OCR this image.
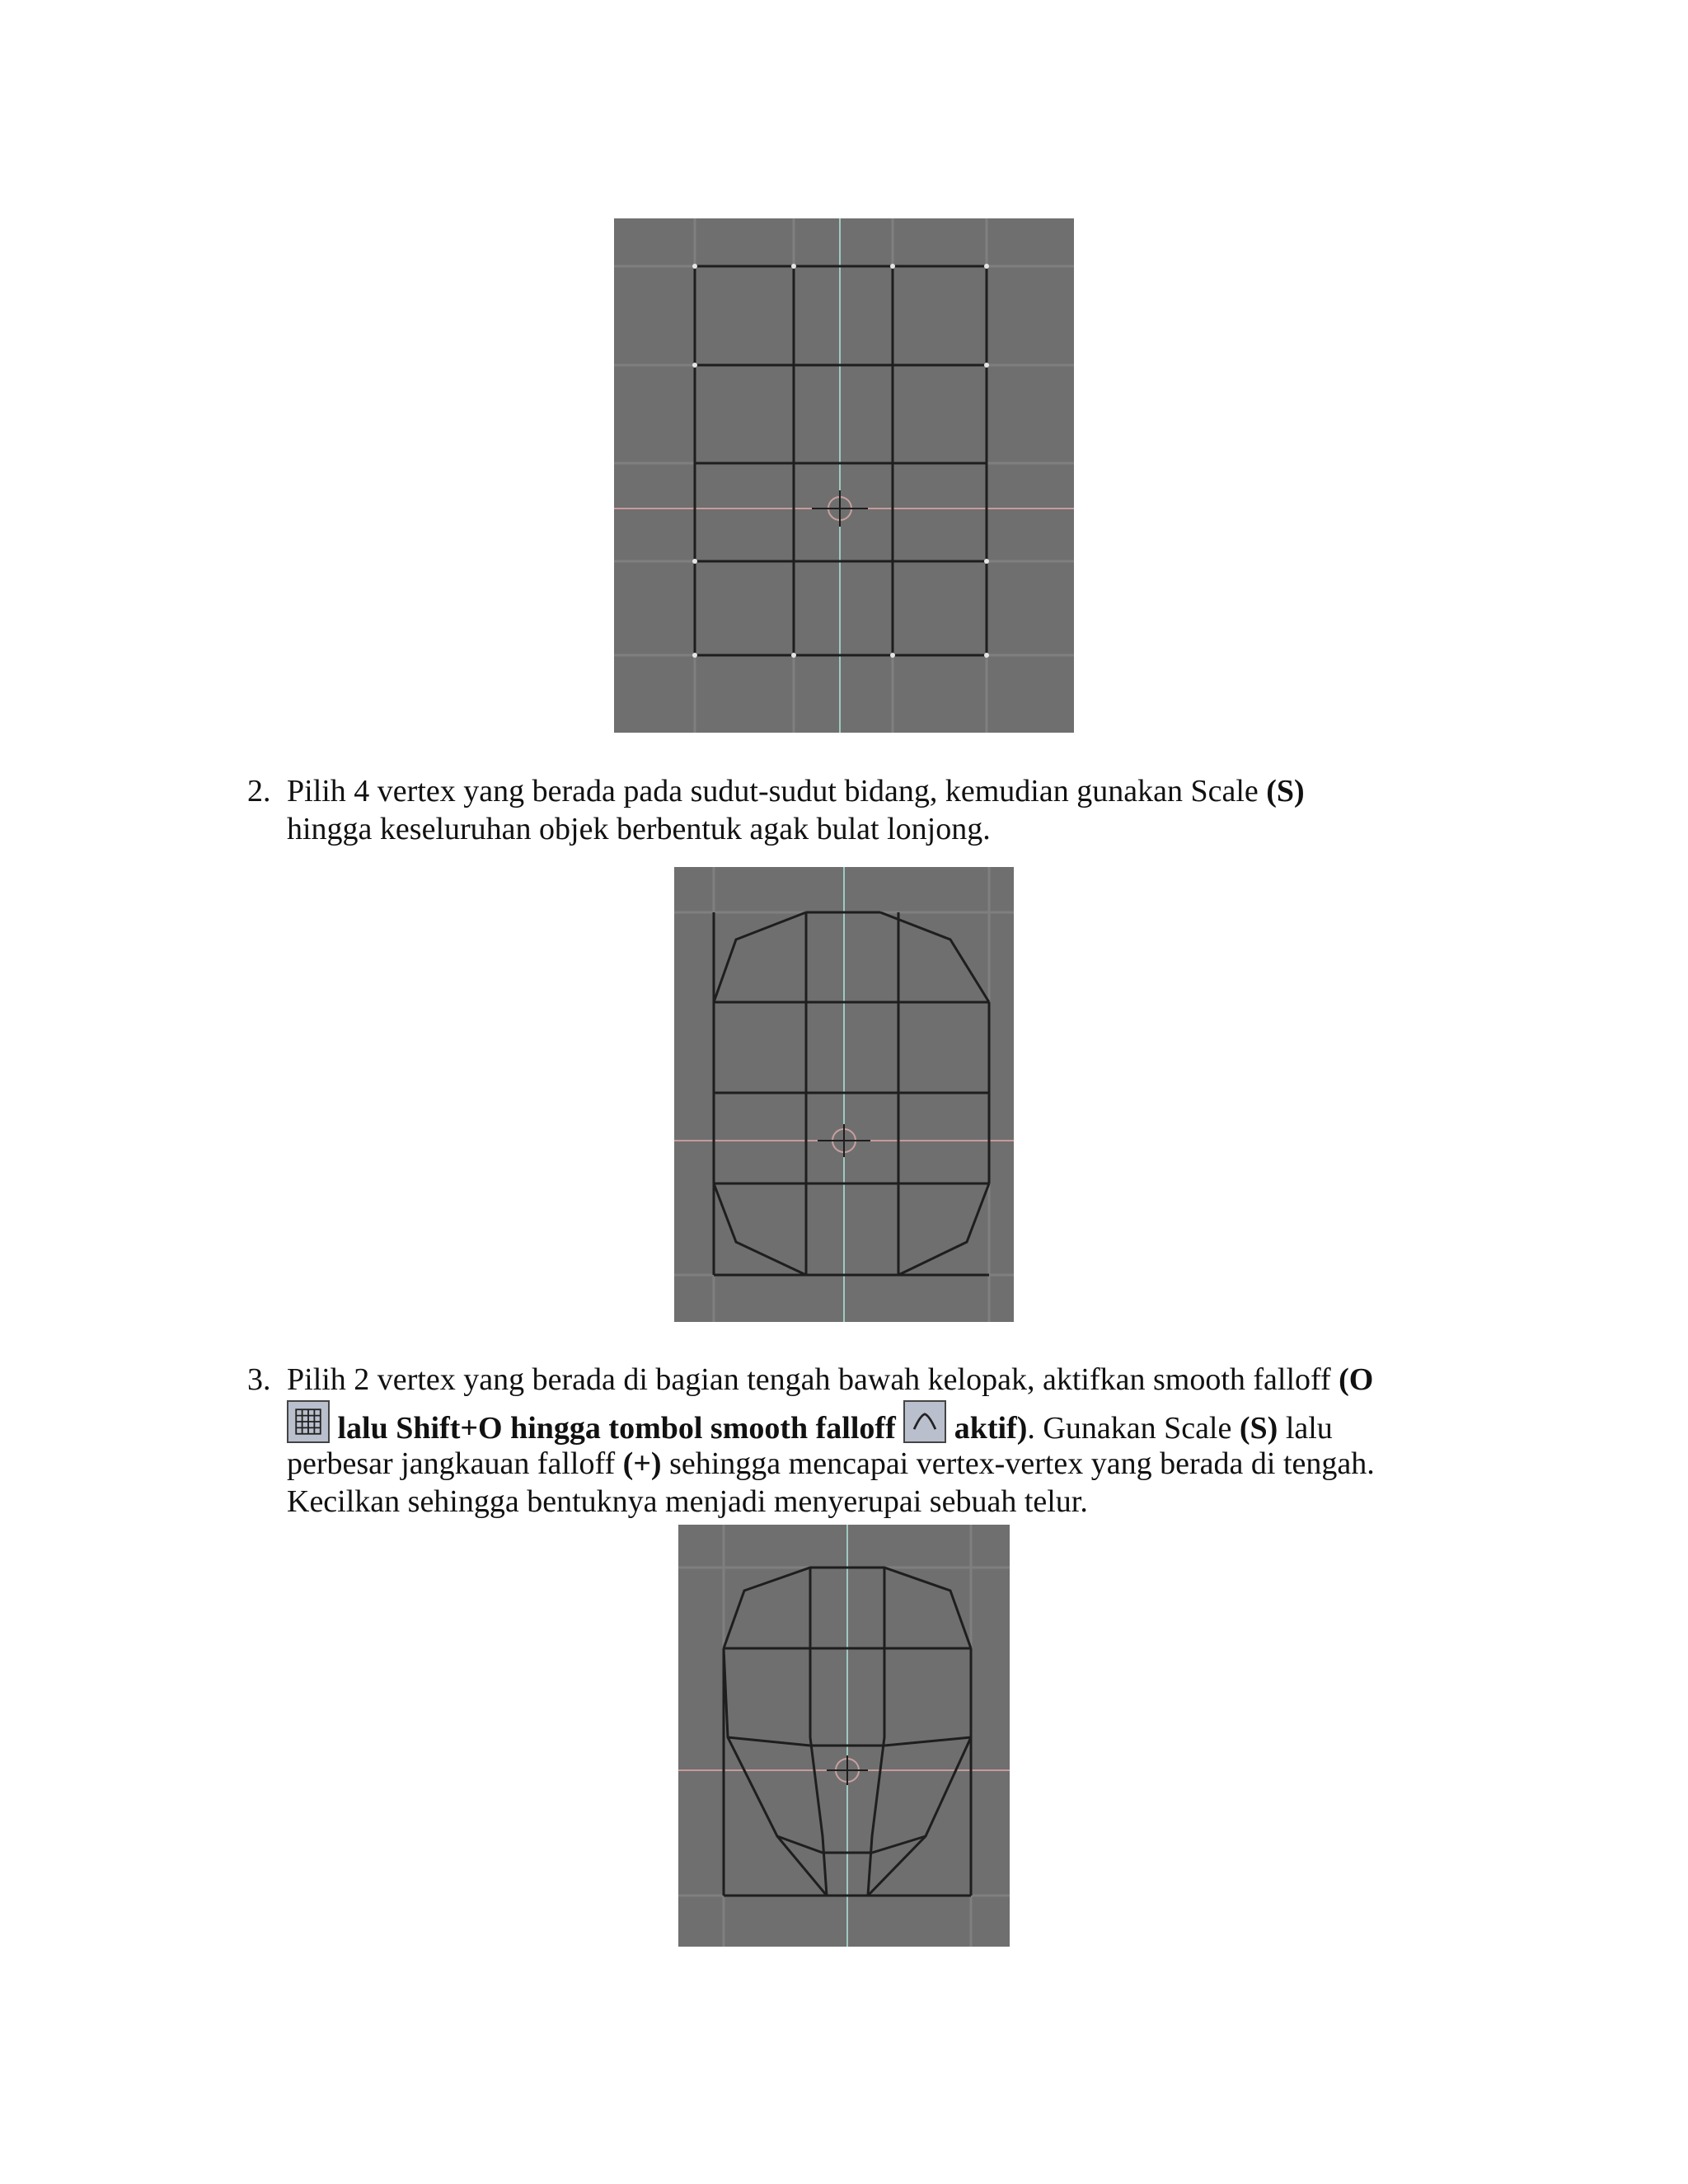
2. Pilih 4 vertex yang berada pada sudut-sudut bidang, kemudian gunakan Scale (S)
hingga keseluruhan objek berbentuk agak bulat lonjong.
3. Pilih 2 vertex yang berada di bagian tengah bawah kelopak, aktifkan smooth falloff (O
lalu Shift+O hingga tombol smooth falloff
aktif). Gunakan Scale (S) lalu
perbesar jangkauan falloff (+) sehingga mencapai vertex-vertex yang berada di tengah.
Kecilkan sehingga bentuknya menjadi menyerupai sebuah telur.
